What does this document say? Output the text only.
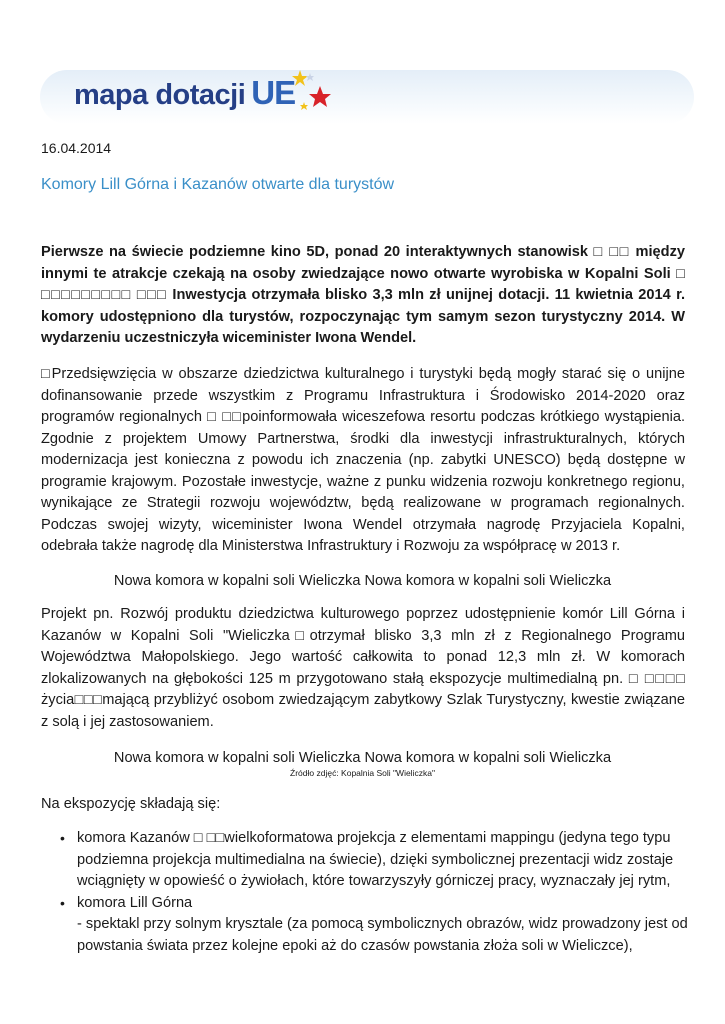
mapa dotacji UE
16.04.2014
Komory Lill Górna i Kazanów otwarte dla turystów

Pierwsze na świecie podziemne kino 5D, ponad 20 interaktywnych stanowisk □ □□ między innymi te atrakcje czekają na osoby zwiedzające nowo otwarte wyrobiska w Kopalni Soli □ □□□□□□□□□ □□□ Inwestycja otrzymała blisko 3,3 mln zł unijnej dotacji. 11 kwietnia 2014 r. komory udostępniono dla turystów, rozpoczynając tym samym sezon turystyczny 2014. W wydarzeniu uczestniczyła wiceminister Iwona Wendel.

□Przedsięwzięcia w obszarze dziedzictwa kulturalnego i turystyki będą mogły starać się o unijne dofinansowanie przede wszystkim z Programu Infrastruktura i Środowisko 2014-2020 oraz programów regionalnych □ □□poinformowała wiceszefowa resortu podczas krótkiego wystąpienia. Zgodnie z projektem Umowy Partnerstwa, środki dla inwestycji infrastrukturalnych, których modernizacja jest konieczna z powodu ich znaczenia (np. zabytki UNESCO) będą dostępne w programie krajowym. Pozostałe inwestycje, ważne z punku widzenia rozwoju konkretnego regionu, wynikające ze Strategii rozwoju województw, będą realizowane w programach regionalnych. Podczas swojej wizyty, wiceminister Iwona Wendel otrzymała nagrodę Przyjaciela Kopalni, odebrała także nagrodę dla Ministerstwa Infrastruktury i Rozwoju za współpracę w 2013 r.

Nowa komora w kopalni soli Wieliczka Nowa komora w kopalni soli Wieliczka

Projekt pn. Rozwój produktu dziedzictwa kulturowego poprzez udostępnienie komór Lill Górna i Kazanów w Kopalni Soli "Wieliczka□otrzymał blisko 3,3 mln zł z Regionalnego Programu Województwa Małopolskiego. Jego wartość całkowita to ponad 12,3 mln zł. W komorach zlokalizowanych na głębokości 125 m przygotowano stałą ekspozycje multimedialną pn. □ □□□□ życia□□□mającą przybliżyć osobom zwiedzającym zabytkowy Szlak Turystyczny, kwestie związane z solą i jej zastosowaniem.

Nowa komora w kopalni soli Wieliczka Nowa komora w kopalni soli Wieliczka
Źródło zdjęć: Kopalnia Soli "Wieliczka"
Na ekspozycję składają się:
• komora Kazanów □ □□wielkoformatowa projekcja z elementami mappingu (jedyna tego typu podziemna projekcja multimedialna na świecie), dzięki symbolicznej prezentacji widz zostaje wciągnięty w opowieść o żywiołach, które towarzyszyły górniczej pracy, wyznaczały jej rytm,
• komora Lill Górna
- spektakl przy solnym krysztale (za pomocą symbolicznych obrazów, widz prowadzony jest od powstania świata przez kolejne epoki aż do czasów powstania złoża soli w Wieliczce),
